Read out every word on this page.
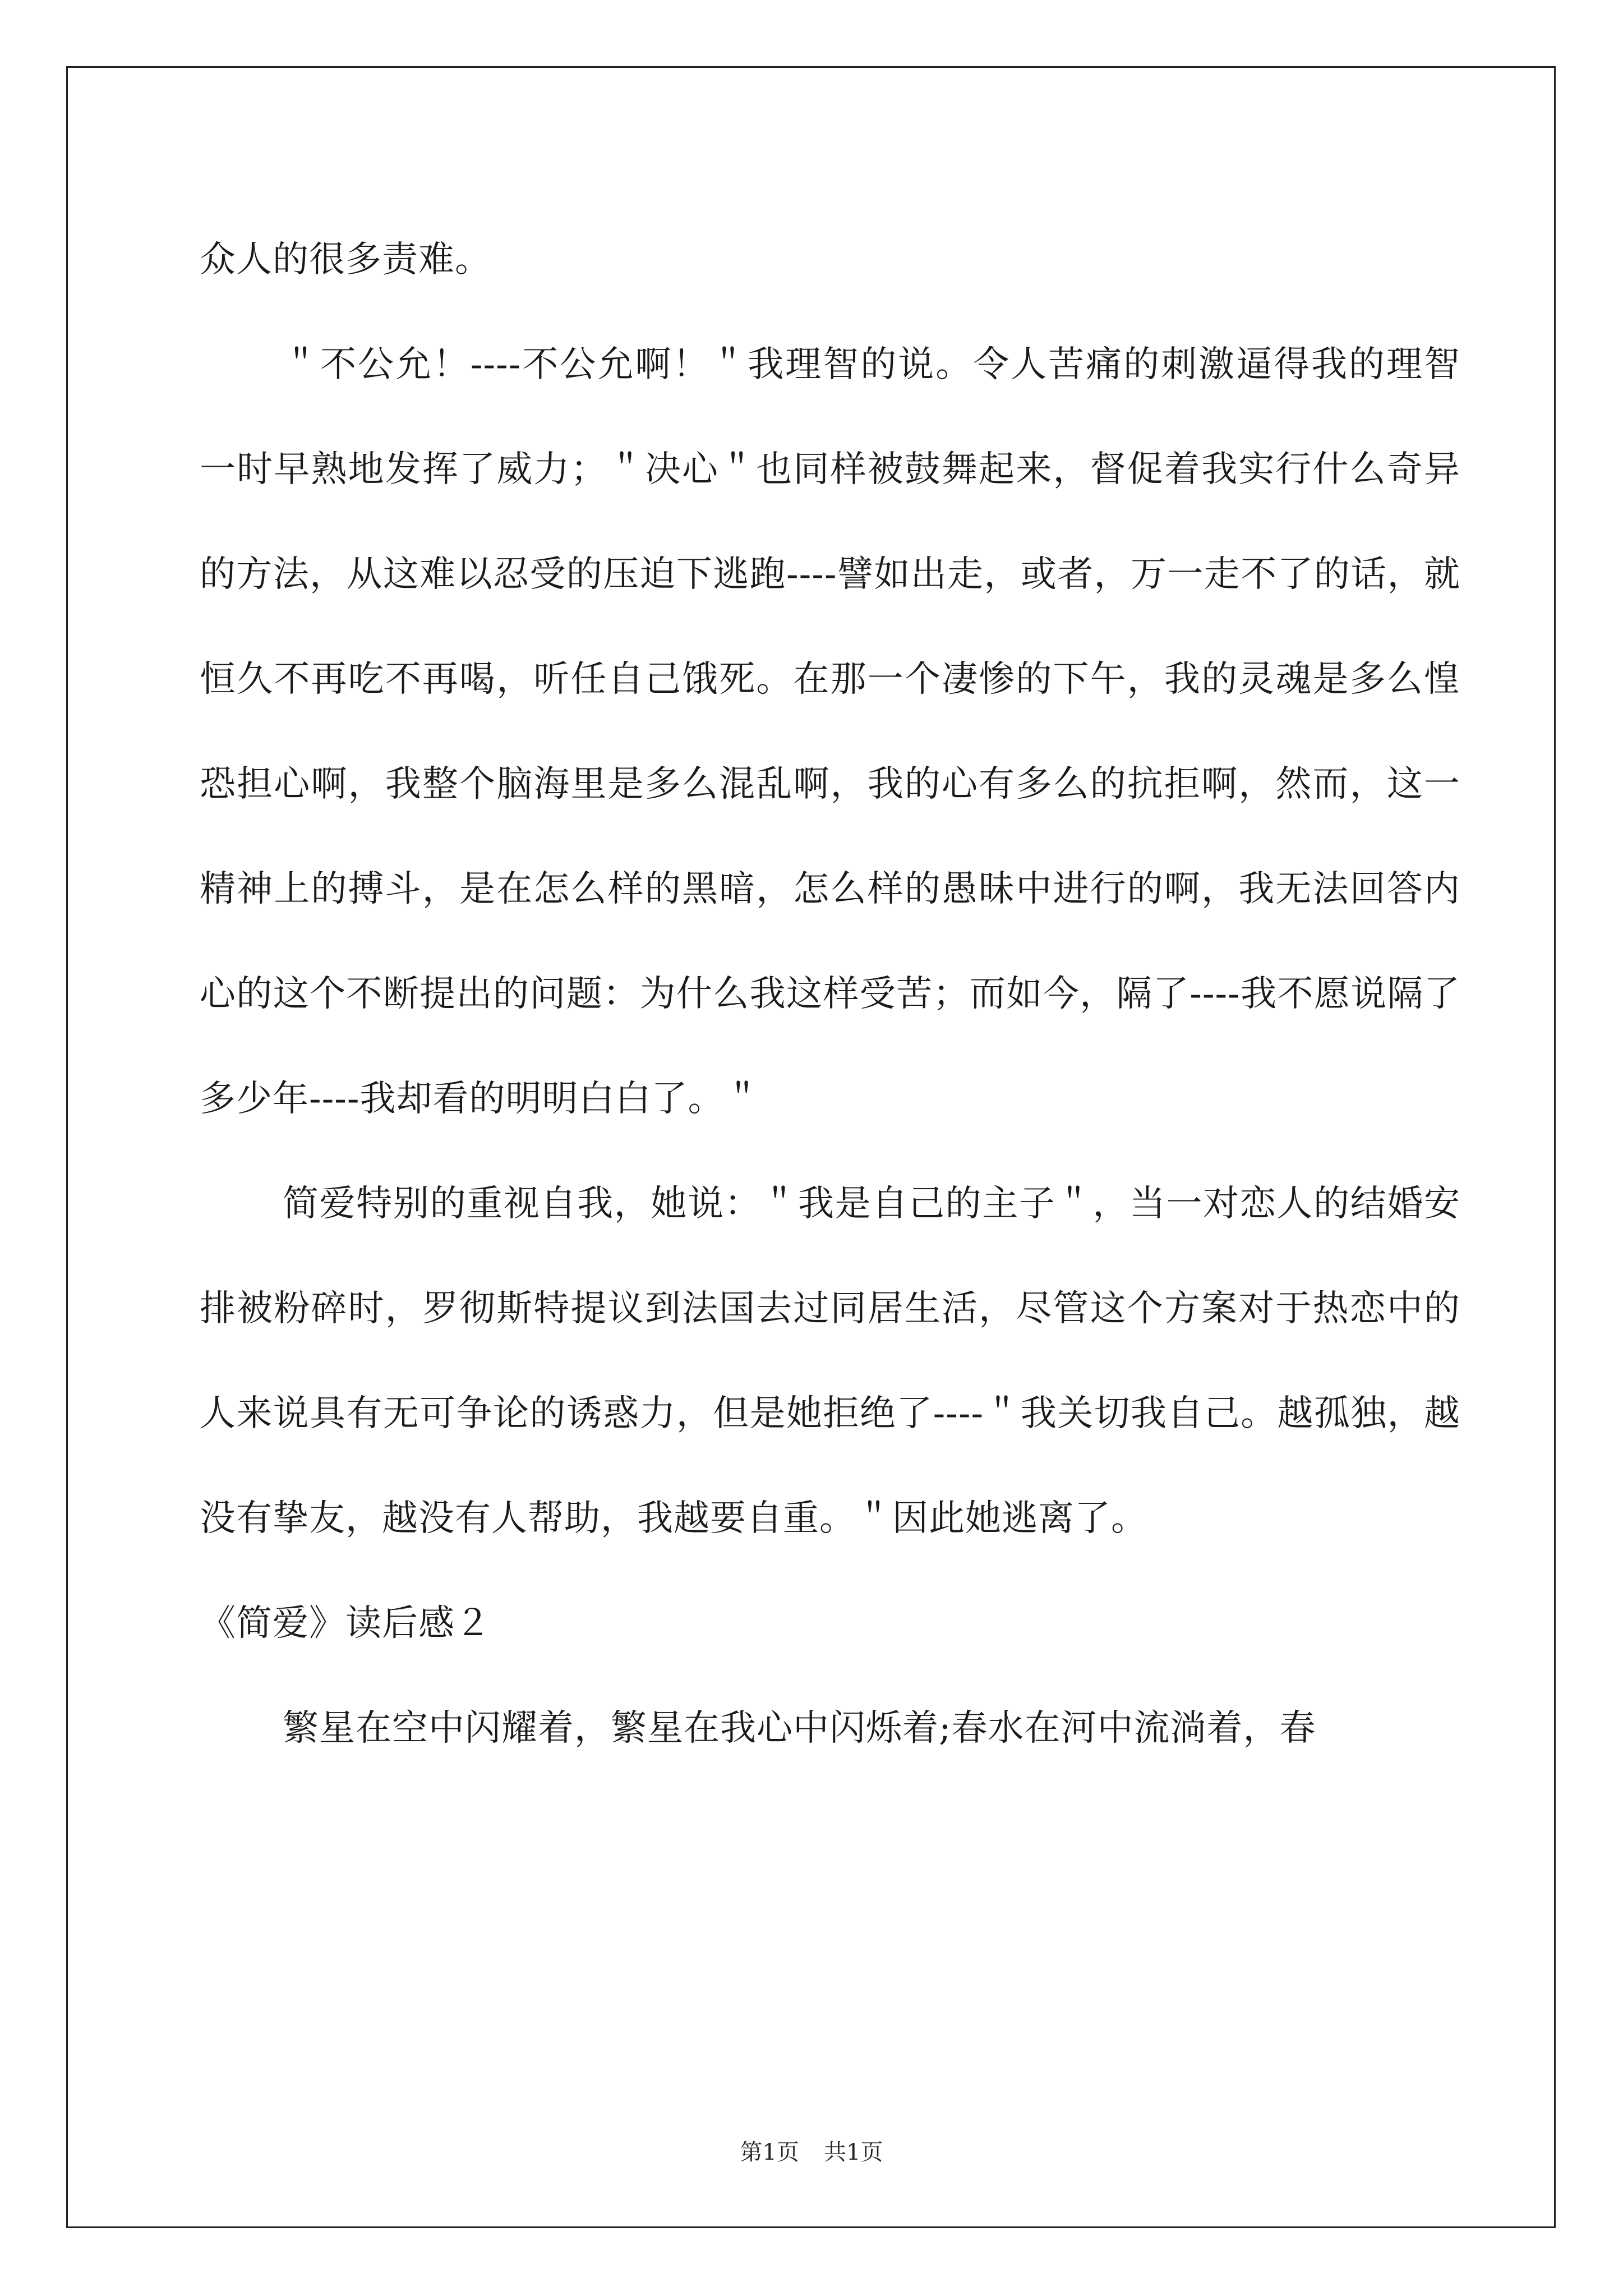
众人的很多责难。

＂不公允！----不公允啊！＂我理智的说。令人苦痛的刺激逼得我的理智一时早熟地发挥了威力；＂决心＂也同样被鼓舞起来，督促着我实行什么奇异的方法，从这难以忍受的压迫下逃跑----譬如出走，或者，万一走不了的话，就恒久不再吃不再喝，听任自己饿死。在那一个凄惨的下午，我的灵魂是多么惶恐担心啊，我整个脑海里是多么混乱啊，我的心有多么的抗拒啊，然而，这一精神上的搏斗，是在怎么样的黑暗，怎么样的愚昧中进行的啊，我无法回答内心的这个不断提出的问题：为什么我这样受苦；而如今，隔了----我不愿说隔了多少年----我却看的明明白白了。＂

简爱特别的重视自我，她说：＂我是自己的主子＂，当一对恋人的结婚安排被粉碎时，罗彻斯特提议到法国去过同居生活，尽管这个方案对于热恋中的人来说具有无可争论的诱惑力，但是她拒绝了----＂我关切我自己。越孤独，越没有挚友，越没有人帮助，我越要自重。＂因此她逃离了。

《简爱》读后感２

繁星在空中闪耀着，繁星在我心中闪烁着;春水在河中流淌着，春

第1页 共1页
